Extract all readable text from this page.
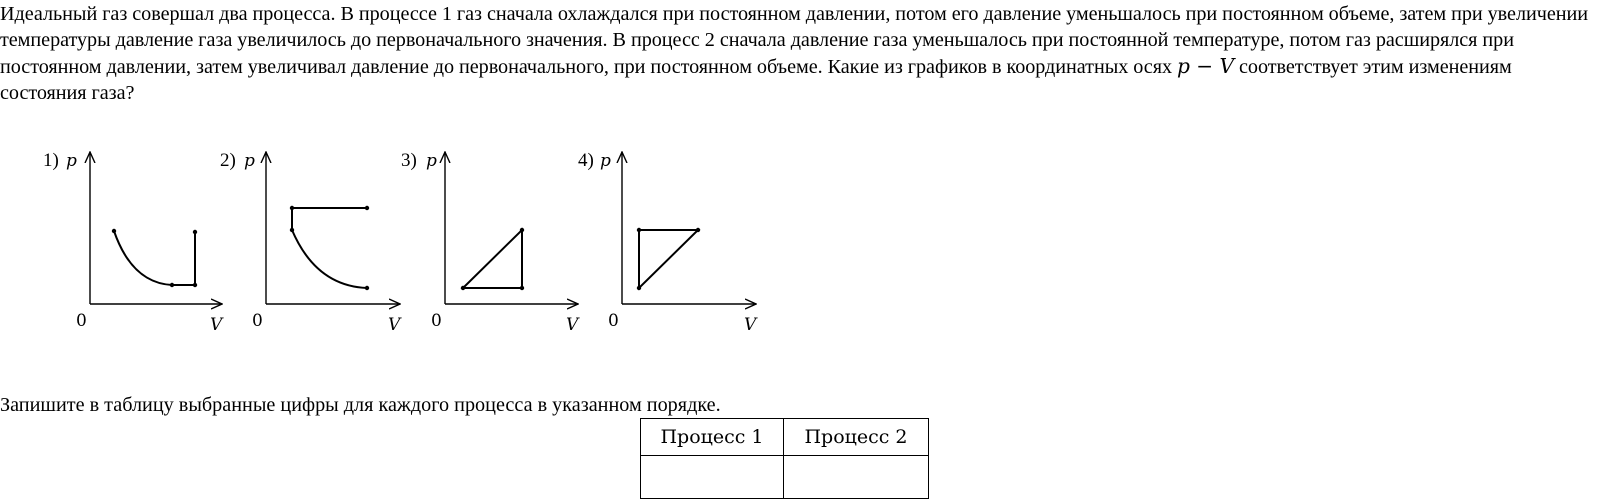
Идеальный газ совершал два процесса. В процессе 1 газ сначала охлаждался при постоянном давлении, потом его давление уменьшалось при постоянном объеме, затем при увеличении температуры давление газа увеличилось до первоначального значения. В процесс 2 сначала давление газа уменьшалось при постоянной температуре, потом газ расширялся при постоянном давлении, затем увеличивал давление до первоначального, при постоянном объеме. Какие из графиков в координатных осях p − V соответствует этим изменениям состояния газа?

1) p
V
0
2) p
V
0
3) p
V
0
4) p
V
0

Запишите в таблицу выбранные цифры для каждого процесса в указанном порядке.

Процесс 1	Процесс 2
